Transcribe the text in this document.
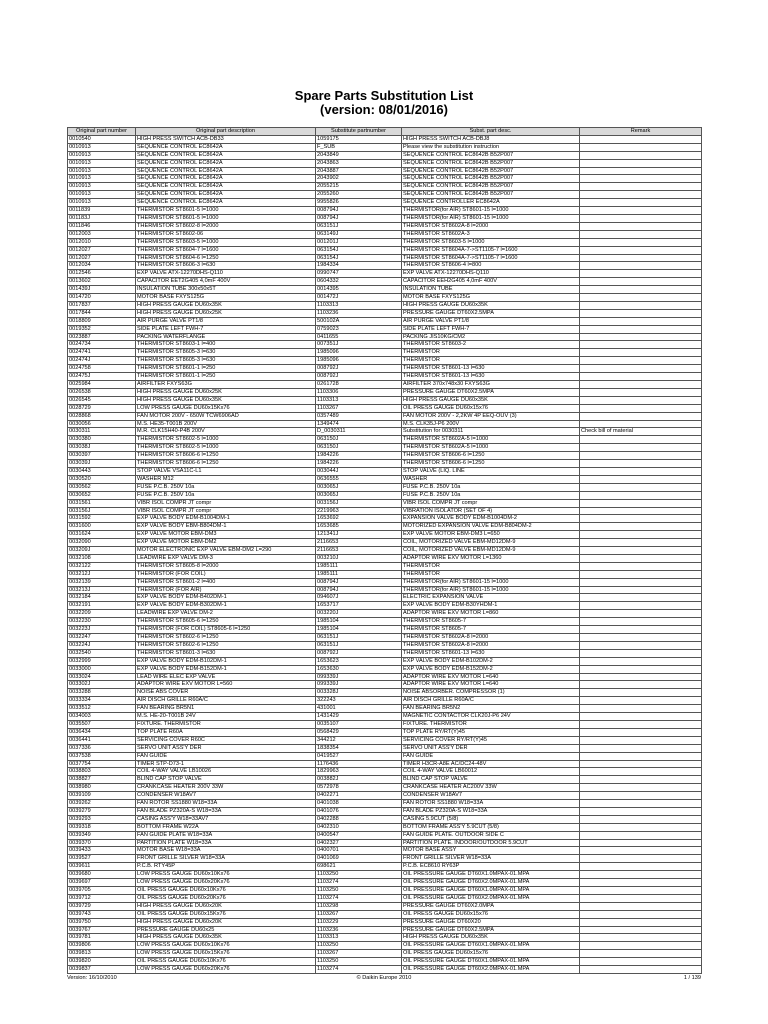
Spare Parts Substitution List
(version: 08/01/2016)
Original part number	Original part description	Substitute partnumber	Subst. part desc.	Remark
0010540	HIGH PRESS SWITCH ACB-DB33	1059175	HIGH PRESS SWITCH ACB-DBJ8	
0010913	SEQUENCE CONTROL EC8642A	F_SUB	Please view the substitution instruction	
0010913	SEQUENCE CONTROL EC8642A	2043849	SEQUENCE CONTROL EC8642B B52P007	
0010913	SEQUENCE CONTROL EC8642A	2043863	SEQUENCE CONTROL EC8642B B52P007	
0010913	SEQUENCE CONTROL EC8642A	2043887	SEQUENCE CONTROL EC8642B B52P007	
0010913	SEQUENCE CONTROL EC8642A	2043902	SEQUENCE CONTROL EC8642B B52P007	
0010913	SEQUENCE CONTROL EC8642A	2055215	SEQUENCE CONTROL EC8642B B52P007	
0010913	SEQUENCE CONTROL EC8642A	2055260	SEQUENCE CONTROL EC8642B B52P007	
0010913	SEQUENCE CONTROL EC8642A	9955826	SEQUENCE CONTROLLER EC8642A	
0011839	THERMISTOR ST8601-5 l=1000	008794J	THERMISTOR(for AIR) ST8601-15 l=1000	
001183J	THERMISTOR ST8601-5 l=1000	008794J	THERMISTOR(for AIR) ST8601-15 l=1000	
0011846	THERMISTOR ST8602-8 l=2000	063151J	THERMISTOR ST8602A-8 l=2000	
0012003	THERMISTOR ST8602-06	063149J	THERMISTOR ST8602A-3	
0012010	THERMISTOR ST8603-5 l=1000	001201J	THERMISTOR ST8603-5 l=1000	
0012027	THERMISTOR ST8604-7 l=1600	063154J	THERMISTOR ST8604A-7->ST1105-7 l=1600	
0012027	THERMISTOR ST8604-6 l=1250	063154J	THERMISTOR ST8604A-7->ST1105-7 l=1600	
0012034	THERMISTOR ST8606-3 l=630	1984334	THERMISTOR ST8606-4 l=800	
0012546	EXP VALVE ATX-12270DHS-Q110	0990747	EXP VALVE ATX-12270DHS-Q110	
0013602	CAPACITOR EET2G405 4,0mF 400V	0604332	CAPACITOR EEH2G405 4,0mF 400V	
001439J	INSULATION TUBE 300x50x5T	0014395	INSULATION TUBE	
0014720	MOTOR BASE FXYS125G	001472J	MOTOR BASE FXYS125G	
0017837	HIGH PRESS GAUGE DU60x35K	1103313	HIGH PRESS GAUGE DU60x35K	
0017844	HIGH PRESS GAUGE DU60x25K	1103236	PRESSURE GAUGE DT60X2.5MPA	
0018809	AIR PURGE VALVE PT1/8	500102A	AIR PURGE VALVE PT1/8	
0019352	SIDE PLATE LEFT FWH-7	0759023	SIDE PLATE LEFT FWH-7	
0023887	PACKING WATERFLANGE	0411655	PACKING JIS10KG/CM2	
0024734	THERMISTOR ST8603-1 l=400	007351J	THERMISTOR ST8603-2	
0024741	THERMISTOR ST8605-3 l=630	1985096	THERMISTOR	
002474J	THERMISTOR ST8605-3 l=630	1985096	THERMISTOR	
0024758	THERMISTOR ST8601-1 l=250	008792J	THERMISTOR ST8601-13 l=630	
002475J	THERMISTOR ST8601-1 l=250	008792J	THERMISTOR ST8601-13 l=630	
0025984	AIRFILTER FXYS63G	0261728	AIRFILTER 370x748x30 FXYS63G	
0026538	HIGH PRESS GAUGE DU60x25K	1103306	PRESSURE GAUGE DT60X2.5MPA	
0026545	HIGH PRESS GAUGE DU60x35K	1103313	HIGH PRESS GAUGE DU60x35K	
0028729	LOW PRESS GAUGE DU60x15Kx76	1103267	OIL PRESS GAUGE DU60x15x76	
0028868	FAN MOTOR 200V - 650W TCW6906AD	0357489	FAN MOTOR 200V - 2,2KW 4P EEQ-OUV (3)	
0030056	M.S. HE35-T001B 200V	1349474	M.S. CLK35J-P6 200V	
0030311	M.R. CLK15H40-P4B 200V	D_0030311	Substitution for 0030311	Check bill of material
0030380	THERMISTOR ST8602-5 l=1000	063150J	THERMISTOR ST8602A-5 l=1000	
003038J	THERMISTOR ST8602-5 l=1000	063150J	THERMISTOR ST8602A-5 l=1000	
0030397	THERMISTOR ST8606-6 l=1250	1984226	THERMISTOR ST8606-6 l=1250	
003039J	THERMISTOR ST8606-6 l=1250	1984226	THERMISTOR ST8606-6 l=1250	
0030443	STOP VALVE VSA11C-L1	003044J	STOP VALVE (LIQ. LINE	
0030520	WASHER M12	0636555	WASHER	
0030562	FUSE P.C.B. 250V 10a	003065J	FUSE P.C.B. 250V 10a	
0030652	FUSE P.C.B. 250V 10a	003065J	FUSE P.C.B. 250V 10a	
0031561	VIBR ISOL COMPR JT compr	003156J	VIBR ISOL COMPR JT compr	
003156J	VIBR ISOL COMPR JT compr	2219963	VIBRATION ISOLATOR (SET OF 4)	
0031592	EXP VALVE BODY EDM-B1004DM-1	1653692	EXPANSION VALVE BODY EDM-B1004DM-2	
0031600	EXP VALVE BODY EBM-B804DM-1	1653685	MOTORIZED EXPANSION VALVE EDM-B804DM-2	
0031624	EXP VALVE MOTOR EBM-DM3	121341J	EXP VALVE MOTOR EBM-DM3 L=650	
0032090	EXP VALVE MOTOR EBM-DM2	2116653	COIL, MOTORIZED VALVE EBM-MD12DM-9	
003209J	MOTOR ELECTRONIC EXP VALVE EBM-DM2 L=290	2116653	COIL, MOTORIZED VALVE EBM-MD12DM-9	
0032108	LEADWIRE EXP VALVE DM-3	003210J	ADAPTOR WIRE EXV MOTOR L=1360	
0032122	THERMISTOR ST8605-8 l=2000	1985111	THERMISTOR	
003212J	THERMISTOR (FOR COIL)	1985111	THERMISTOR	
0032139	THERMISTOR ST8601-2 l=400	008794J	THERMISTOR(for AIR) ST8601-15 l=1000	
003213J	THERMISTOR (FOR AIR)	008794J	THERMISTOR(for AIR) ST8601-15 l=1000	
0032184	EXP VALVE BODY EDM-B402DM-1	094607J	ELECTRIC EXPANSION VALVE	
0032191	EXP VALVE BODY EDM-B302DM-1	1653717	EXP VALVE BODY EDM-B30YHDM-1	
0032209	LEADWIRE EXP VALVE DM-2	003220J	ADAPTOR WIRE EXV MOTOR L=860	
0032230	THERMISTOR ST8605-6 l=1250	1985104	THERMISTOR ST8605-7	
003223J	THERMISTOR (FOR COIL) ST8605-6 l=1250	1985104	THERMISTOR ST8605-7	
0032247	THERMISTOR ST8602-6 l=1250	063151J	THERMISTOR ST8602A-8 l=2000	
003224J	THERMISTOR ST8602-6 l=1250	063151J	THERMISTOR ST8602A-8 l=2000	
0032540	THERMISTOR ST8601-3 l=630	008792J	THERMISTOR ST8601-13 l=630	
0032999	EXP VALVE BODY EDM-B102DM-1	1653623	EXP VALVE BODY EDM-B102DM-2	
0033000	EXP VALVE BODY EDM-B152DM-1	1653630	EXP VALVE BODY EDM-B152DM-2	
0033024	LEAD WIRE ELEC EXP VALVE	099339J	ADAPTOR WIRE EXV MOTOR L=640	
003302J	ADAPTOR WIRE EXV MOTOR L=560	099339J	ADAPTOR WIRE EXV MOTOR L=640	
0033288	NOISE ABS COVER	003328J	NOISE ABSORBER. COMPRESSOR (1)	
0033334	AIR DISCH GRILLE R60A/C	322243	AIR DISCH GRILLE R60A/C	
0033512	FAN BEARING BR5N1	431001	FAN BEARING BR5N2	
0034003	M.S. HE-20-T001B 24V	1431429	MAGNETIC CONTACTOR CLK20J-P6 24V	
0035507	FIXTURE. THERMISTOR	0035107	FIXTURE. THERMISTOR	
0036434	TOP PLATE R60A	0568429	TOP PLATE RY/RT(Y)45	
0036441	SERVICING COVER R60C	344212	SERVICING COVER RY/RT(Y)45	
0037336	SERVO UNIT ASS'Y DER	1838354	SERVO UNIT ASS'Y DER	
0037538	FAN GUIDE	0419527	FAN GUIDE	
0037754	TIMER STP-D73-1	1176436	TIMER H3CR-A8E AC/DC24-48V	
0038803	COIL 4-WAY VALVE LB10026	1829963	COIL 4-WAY VALVE LB60012	
0038827	BLIND CAP STOP VALVE	003882J	BLIND CAP STOP VALVE	
0038980	CRANKCASE HEATER 200V 33W	0572978	CRANKCASE HEATER AC200V 33W	
0039109	CONDENSER W18AV7	0402271	CONDENSER W18AV7	
0039262	FAN ROTOR SS1880 W18=33A	0401038	FAN ROTOR SS1880 W18=33A	
0039279	FAN BLADE PZ320A-S W18=33A	0401076	FAN BLADE PZ320A-S W18=33A	
0039293	CASING ASS'Y W18=33AV7	0402288	CASING 5.9CUT (5/8)	
0039318	BOTTOM FRAME W22A	0402310	BOTTOM FRAME ASS'Y 5.9CUT (5/8)	
0039349	FAN GUIDE PLATE W18=33A	0400547	FAN GUIDE PLATE. OUTDOOR SIDE C	
0039370	PARTITION PLATE W18=33A	0402327	PARTITION PLATE. INDOOR/OUTDOOR 5.9CUT	
0039433	MOTOR BASE W18=33A	0400701	MOTOR BASE ASSY	
0039527	FRONT GRILLE SILVER W18=33A	0401069	FRONT GRILLE SILVER W18=33A	
0039611	P.C.B. RTY45P	698621	P.C.B. EC8610 RY63P	
0039680	LOW PRESS GAUGE DU60x10Kx76	1103250	OIL PRESSURE GAUGE DT60X1.0MPAX-01.MPA	
0039697	LOW PRESS GAUGE DU60x20Kx76	1103274	OIL PRESSURE GAUGE DT60X2.0MPAX-01.MPA	
0039705	OIL PRESS GAUGE DU60x10Kx76	1103250	OIL PRESSURE GAUGE DT60X1.0MPAX-01.MPA	
0039712	OIL PRESS GAUGE DU60x20Kx76	1103274	OIL PRESSURE GAUGE DT60X2.0MPAX-01.MPA	
0039729	HIGH PRESS GAUGE DU60x20K	1103298	PRESSURE GAUGE DT60X2.0MPA	
0039743	OIL PRESS GAUGE DU60x15Kx76	1103267	OIL PRESS GAUGE DU60x15x76	
0039750	HIGH PRESS GAUGE DU60x20K	1103229	PRESSURE GAUGE DT60X20	
0039767	PRESSURE GAUGE DU60x25	1103236	PRESSURE GAUGE DT60X2.5MPA	
0039781	HIGH PRESS GAUGE DU60x35K	1103313	HIGH PRESS GAUGE DU60x35K	
0039806	LOW PRESS GAUGE DU60x10Kx76	1103250	OIL PRESSURE GAUGE DT60X1.0MPAX-01.MPA	
0039813	LOW PRESS GAUGE DU60x15Kx76	1103267	OIL PRESS GAUGE DU60x15x76	
0039820	OIL PRESS GAUGE DU60x10Kx76	1103250	OIL PRESSURE GAUGE DT60X1.0MPAX-01.MPA	
0039837	LOW PRESS GAUGE DU60x20Kx76	1103274	OIL PRESSURE GAUGE DT60X2.0MPAX-01.MPA	
Version: 16/10/2010	© Daikin Europe 2010	1 / 139
